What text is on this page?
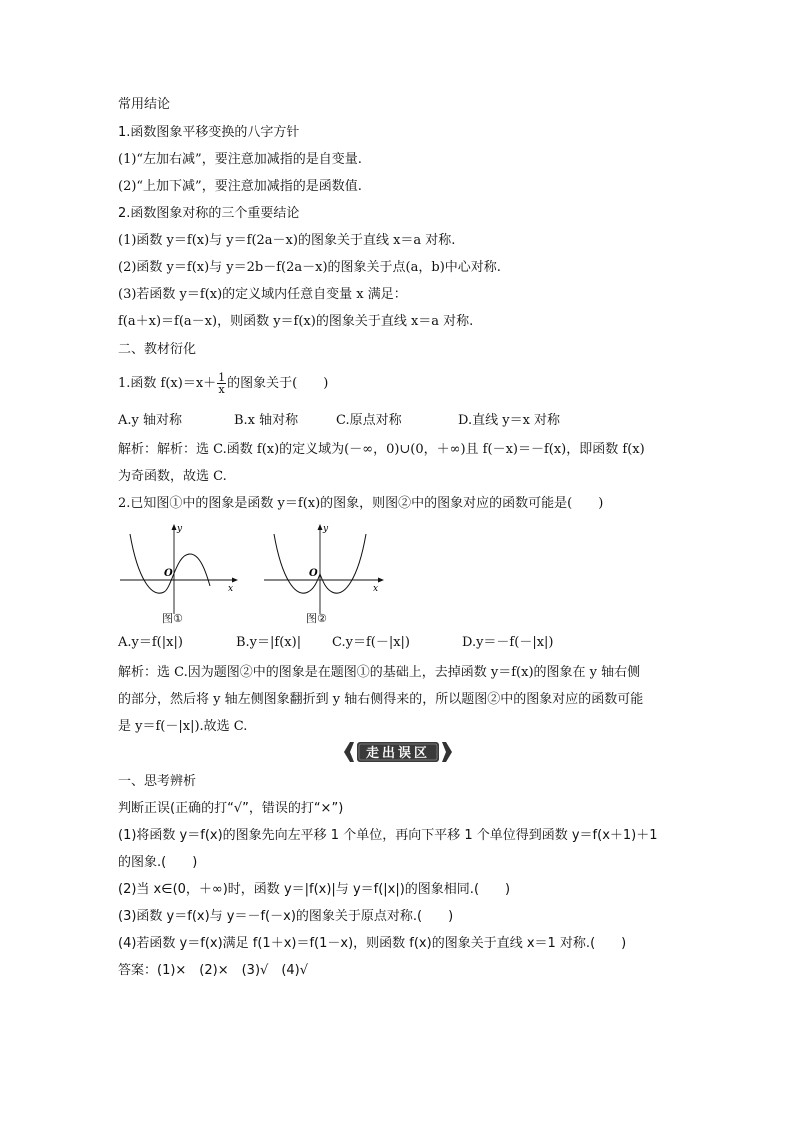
常用结论
1.函数图象平移变换的八字方针
(1)“左加右减”，要注意加减指的是自变量.
(2)“上加下减”，要注意加减指的是函数值.
2.函数图象对称的三个重要结论
(1)函数 y＝f(x)与 y＝f(2a－x)的图象关于直线 x＝a 对称.
(2)函数 y＝f(x)与 y＝2b－f(2a－x)的图象关于点(a，b)中心对称.
(3)若函数 y＝f(x)的定义域内任意自变量 x 满足：
f(a＋x)＝f(a－x)，则函数 y＝f(x)的图象关于直线 x＝a 对称.
二、教材衍化
1.函数 $f(x)=x+ \frac{1}{x}$ 的图象关于(　　)
A.y 轴对称	B.x 轴对称	C.原点对称	D.直线 y＝x 对称
解析：解析：选 C.函数 f(x)的定义域为(－∞，0)∪(0，＋∞)且 f(－x)＝－f(x)，即函数 f(x)
为奇函数，故选 C.
2.已知图①中的图象是函数 y＝f(x)的图象，则图②中的图象对应的函数可能是(　　)
y
x
O
图①
y
x
O
图②
A.y＝f(|x|)	B.y＝|f(x)| C.y＝f(－|x|)	D.y＝－f(－|x|)
解析：选 C.因为题图②中的图象是在题图①的基础上，去掉函数 y＝f(x)的图象在 y 轴右侧
的部分，然后将 y 轴左侧图象翻折到 y 轴右侧得来的，所以题图②中的图象对应的函数可能
是 y＝f(－|x|).故选 C.
走出误区
一、思考辨析
判断正误(正确的打“√”，错误的打“×”)
(1)将函数 y＝f(x)的图象先向左平移 1 个单位，再向下平移 1 个单位得到函数 y＝f(x＋1)＋1
的图象.(　　)
(2)当 x∈(0，＋∞)时，函数 y＝|f(x)|与 y＝f(|x|)的图象相同.(　　)
(3)函数 y＝f(x)与 y＝－f(－x)的图象关于原点对称.(　　)
(4)若函数 y＝f(x)满足 f(1＋x)＝f(1－x)，则函数 f(x)的图象关于直线 x＝1 对称.(　　)
答案：(1)×　(2)×　(3)√　(4)√
